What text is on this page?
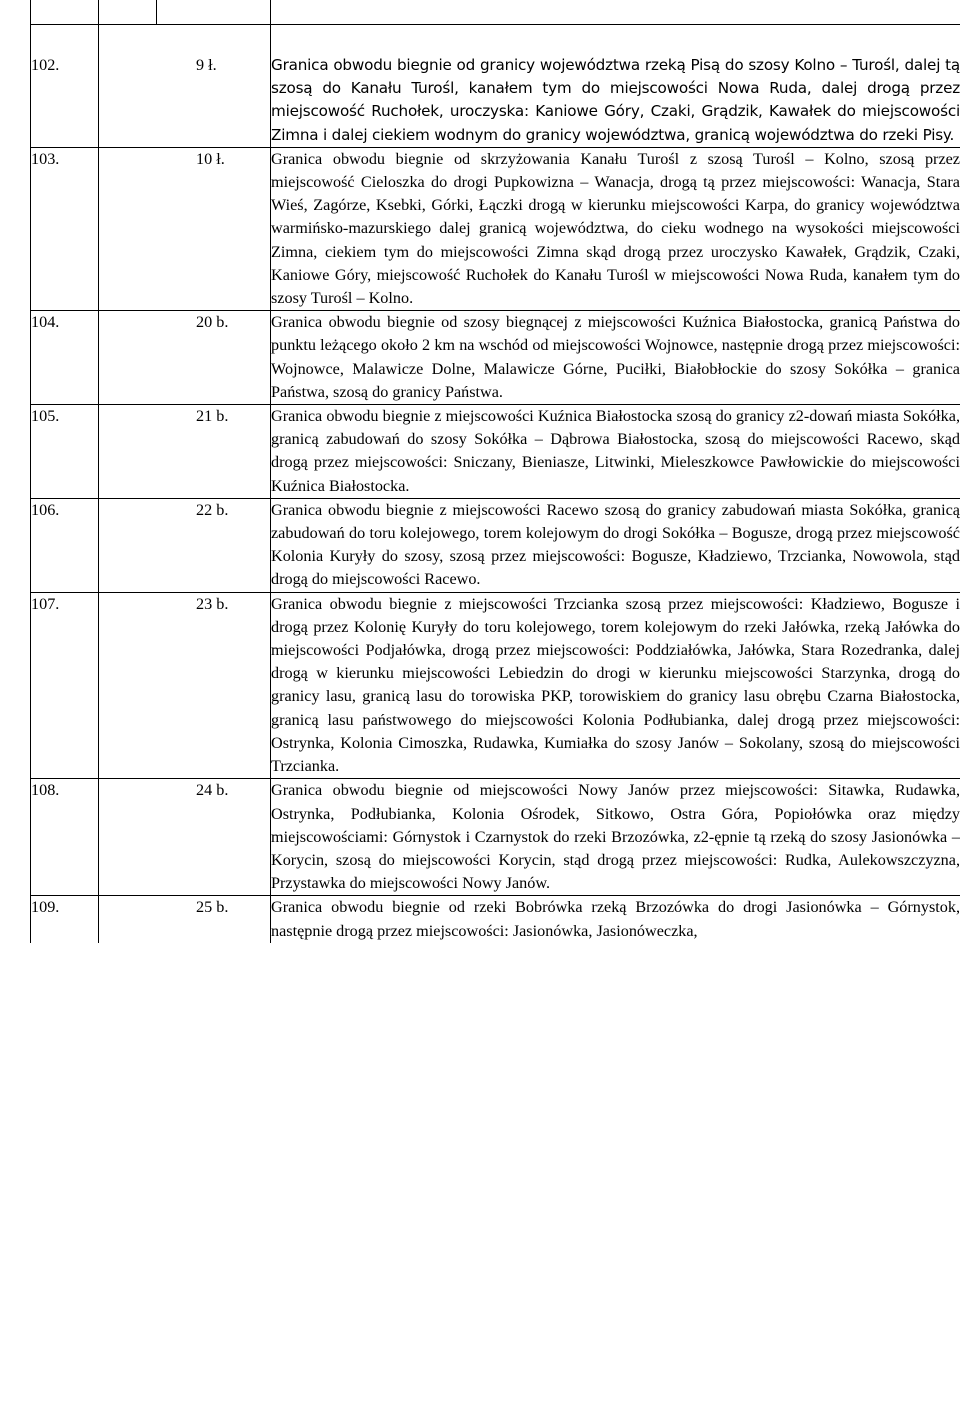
102.	9 ł.		Granica obwodu biegnie od granicy województwa rzeką Pisą do szosy Kolno – Turośl, dalej tą szosą do Kanału Turośl, kanałem tym do miejscowości Nowa Ruda, dalej drogą przez miejscowość Ruchołek, uroczyska: Kaniowe Góry, Czaki, Grądzik, Kawałek do miejscowości Zimna i dalej ciekiem wodnym do granicy województwa, granicą województwa do rzeki Pisy.
103.	10 ł.		Granica obwodu biegnie od skrzyżowania Kanału Turośl z szosą Turośl – Kolno, szosą przez miejscowość Cieloszka do drogi Pupkowizna – Wanacja, drogą tą przez miejscowości: Wanacja, Stara Wieś, Zagórze, Ksebki, Górki, Łączki drogą w kierunku miejscowości Karpa, do granicy województwa warmińsko-mazurskiego dalej granicą województwa, do cieku wodnego na wysokości miejscowości Zimna, ciekiem tym do miejscowości Zimna skąd drogą przez uroczysko Kawałek, Grądzik, Czaki, Kaniowe Góry, miejscowość Ruchołek do Kanału Turośl w miejscowości Nowa Ruda, kanałem tym do szosy Turośl – Kolno.
104.	20 b.		Granica obwodu biegnie od szosy biegnącej z miejscowości Kuźnica Białostocka, granicą Państwa do punktu leżącego około 2 km na wschód od miejscowości Wojnowce, następnie drogą przez miejscowości: Wojnowce, Malawicze Dolne, Malawicze Górne, Puciłki, Białobłockie do szosy Sokółka – granica Państwa, szosą do granicy Państwa.
105.	21 b.		Granica obwodu biegnie z miejscowości Kuźnica Białostocka szosą do granicy z2-dowań miasta Sokółka, granicą zabudowań do szosy Sokółka – Dąbrowa Białostocka, szosą do miejscowości Racewo, skąd drogą przez miejscowości: Sniczany, Bieniasze, Litwinki, Mieleszkowce Pawłowickie do miejscowości Kuźnica Białostocka.
106.	22 b.		Granica obwodu biegnie z miejscowości Racewo szosą do granicy zabudowań miasta Sokółka, granicą zabudowań do toru kolejowego, torem kolejowym do drogi Sokółka – Bogusze, drogą przez miejscowość Kolonia Kuryły do szosy, szosą przez miejscowości: Bogusze, Kładziewo, Trzcianka, Nowowola, stąd drogą do miejscowości Racewo.
107.	23 b.		Granica obwodu biegnie z miejscowości Trzcianka szosą przez miejscowości: Kładziewo, Bogusze i drogą przez Kolonię Kuryły do toru kolejowego, torem kolejowym do rzeki Jałówka, rzeką Jałówka do miejscowości Podjałówka, drogą przez miejscowości: Poddziałówka, Jałówka, Stara Rozedranka, dalej drogą w kierunku miejscowości Lebiedzin do drogi w kierunku miejscowości Starzynka, drogą do granicy lasu, granicą lasu do torowiska PKP, torowiskiem do granicy lasu obrębu Czarna Białostocka, granicą lasu państwowego do miejscowości Kolonia Podłubianka, dalej drogą przez miejscowości: Ostrynka, Kolonia Cimoszka, Rudawka, Kumiałka do szosy Janów – Sokolany, szosą do miejscowości Trzcianka.
108.	24 b.		Granica obwodu biegnie od miejscowości Nowy Janów przez miejscowości: Sitawka, Rudawka, Ostrynka, Podłubianka, Kolonia Ośrodek, Sitkowo, Ostra Góra, Popiołówka oraz między miejscowościami: Górnystok i Czarnystok do rzeki Brzozówka, z2-ępnie tą rzeką do szosy Jasionówka – Korycin, szosą do miejscowości Korycin, stąd drogą przez miejscowości: Rudka, Aulekowszczyzna, Przystawka do miejscowości Nowy Janów.
109.	25 b.		Granica obwodu biegnie od rzeki Bobrówka rzeką Brzozówka do drogi Jasionówka – Górnystok, następnie drogą przez miejscowości: Jasionówka, Jasionóweczka,
